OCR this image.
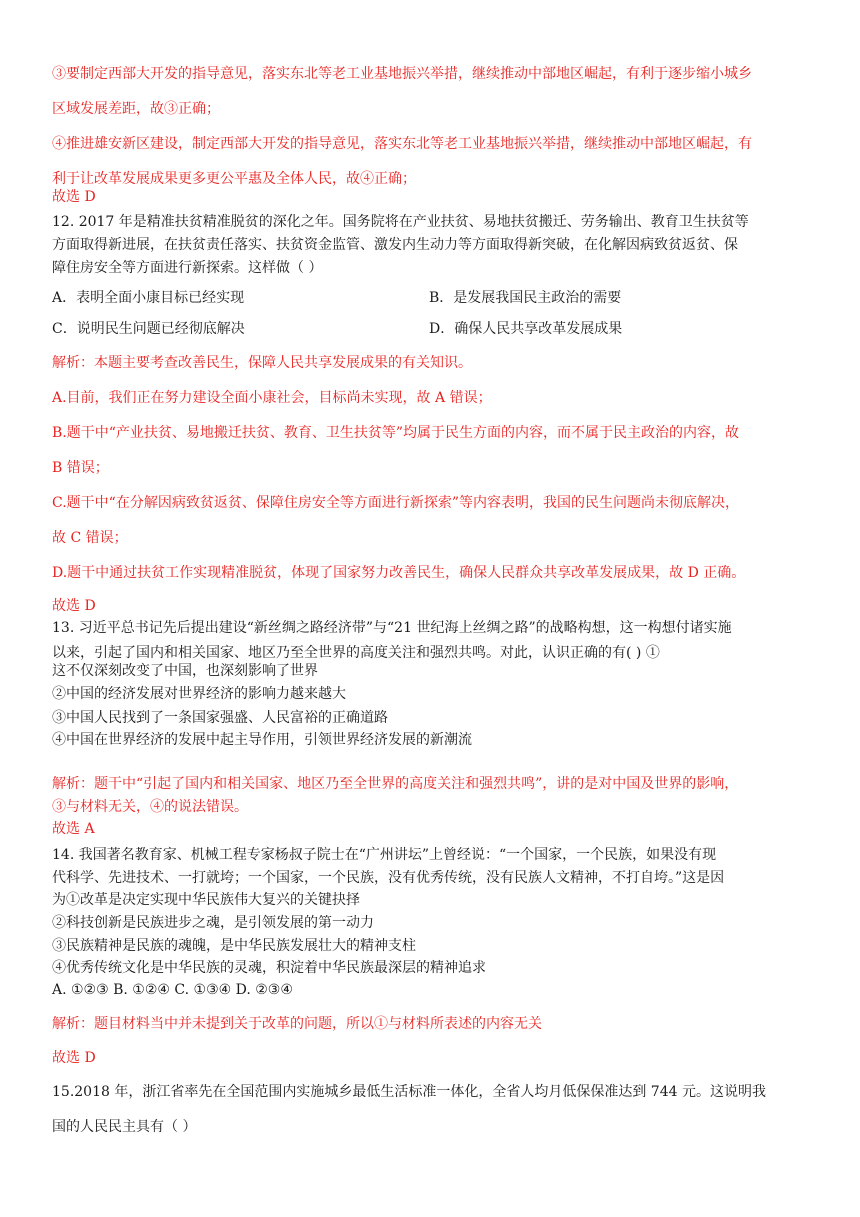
③要制定西部大开发的指导意见，落实东北等老工业基地振兴举措，继续推动中部地区崛起，有利于逐步缩小城乡
区域发展差距，故③正确；
④推进雄安新区建设，制定西部大开发的指导意见，落实东北等老工业基地振兴举措，继续推动中部地区崛起，有
利于让改革发展成果更多更公平惠及全体人民，故④正确；
故选 D
12. 2017 年是精准扶贫精准脱贫的深化之年。国务院将在产业扶贫、易地扶贫搬迁、劳务输出、教育卫生扶贫等
方面取得新进展，在扶贫责任落实、扶贫资金监管、激发内生动力等方面取得新突破，在化解因病致贫返贫、保
障住房安全等方面进行新探索。这样做（ ）
A．表明全面小康目标已经实现	B．是发展我国民主政治的需要
C．说明民生问题已经彻底解决	D．确保人民共享改革发展成果
解析：本题主要考查改善民生，保障人民共享发展成果的有关知识。
A.目前，我们正在努力建设全面小康社会，目标尚未实现，故 A 错误；
B.题干中“产业扶贫、易地搬迁扶贫、教育、卫生扶贫等”均属于民生方面的内容，而不属于民主政治的内容，故
B 错误；
C.题干中“在分解因病致贫返贫、保障住房安全等方面进行新探索”等内容表明，我国的民生问题尚未彻底解决，
故 C 错误；
D.题干中通过扶贫工作实现精准脱贫，体现了国家努力改善民生，确保人民群众共享改革发展成果，故 D 正确。
故选 D
13. 习近平总书记先后提出建设“新丝绸之路经济带”与“21 世纪海上丝绸之路”的战略构想，这一构想付诸实施
以来，引起了国内和相关国家、地区乃至全世界的高度关注和强烈共鸣。对此，认识正确的有( ) ①
这不仅深刻改变了中国，也深刻影响了世界
②中国的经济发展对世界经济的影响力越来越大
③中国人民找到了一条国家强盛、人民富裕的正确道路
④中国在世界经济的发展中起主导作用，引领世界经济发展的新潮流
解析：题干中“引起了国内和相关国家、地区乃至全世界的高度关注和强烈共鸣”，讲的是对中国及世界的影响，
③与材料无关，④的说法错误。
故选 A
14. 我国著名教育家、机械工程专家杨叔子院士在“广州讲坛”上曾经说：“一个国家，一个民族，如果没有现
代科学、先进技术、一打就垮；一个国家，一个民族，没有优秀传统，没有民族人文精神，不打自垮。”这是因
为①改革是决定实现中华民族伟大复兴的关键抉择
②科技创新是民族进步之魂，是引领发展的第一动力
③民族精神是民族的魂魄，是中华民族发展壮大的精神支柱
④优秀传统文化是中华民族的灵魂，积淀着中华民族最深层的精神追求
A. ①②③ B. ①②④ C. ①③④ D. ②③④
解析：题目材料当中并未提到关于改革的问题，所以①与材料所表述的内容无关
故选 D
15.2018 年，浙江省率先在全国范围内实施城乡最低生活标准一体化，全省人均月低保保准达到 744 元。这说明我
国的人民民主具有（ ）
